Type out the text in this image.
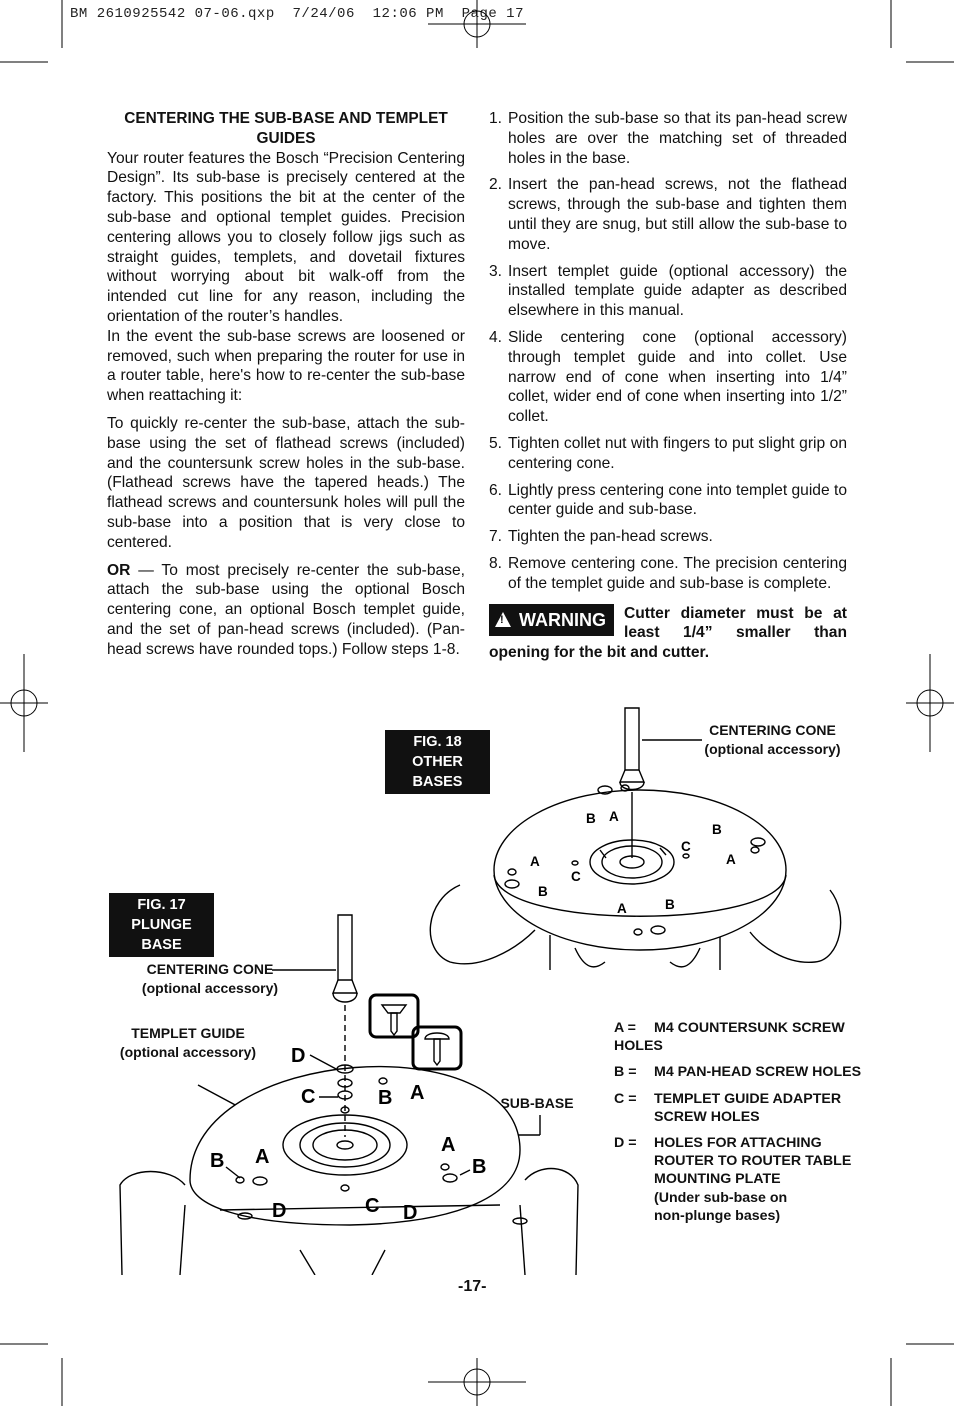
BM 2610925542 07-06.qxp  7/24/06  12:06 PM  Page 17
CENTERING THE SUB-BASE AND TEMPLET GUIDES

Your router features the Bosch “Precision Centering Design”. Its sub-base is precisely centered at the factory. This positions the bit at the center of the sub-base and optional templet guides. Precision centering allows you to closely follow jigs such as straight guides, templets, and dovetail fixtures without worrying about bit walk-off from the intended cut line for any reason, including the orientation of the router’s handles.

In the event the sub-base screws are loosened or removed, such when preparing the router for use in a router table, here's how to re-center the sub-base when reattaching it:

To quickly re-center the sub-base, attach the sub-base using the set of flathead screws (included) and the countersunk screw holes in the sub-base. (Flathead screws have the tapered heads.) The flathead screws and countersunk holes will pull the sub-base into a position that is very close to centered.

OR — To most precisely re-center the sub-base, attach the sub-base using the optional Bosch centering cone, an optional Bosch templet guide, and the set of pan-head screws (included). (Pan-head screws have rounded tops.) Follow steps 1-8.

1. Position the sub-base so that its pan-head screw holes are over the matching set of threaded holes in the base.
2. Insert the pan-head screws, not the flathead screws, through the sub-base and tighten them until they are snug, but still allow the sub-base to move.
3. Insert templet guide (optional accessory) the installed template guide adapter as described elsewhere in this manual.
4. Slide centering cone (optional accessory) through templet guide and into collet. Use narrow end of cone when inserting into 1/4” collet, wider end of cone when inserting into 1/2” collet.
5. Tighten collet nut with fingers to put slight grip on centering cone.
6. Lightly press centering cone into templet guide to center guide and sub-base.
7. Tighten the pan-head screws.
8. Remove centering cone. The precision centering of the templet guide and sub-base is complete.
! WARNING Cutter diameter must be at least 1/4” smaller than opening for the bit and cutter.
FIG. 18
OTHER BASES
CENTERING CONE
(optional accessory)
B A
B
C
A
A
C
B
A	B
FIG. 17
PLUNGE BASE
CENTERING CONE
(optional accessory)
TEMPLET GUIDE
(optional accessory)
SUB-BASE
D
C	B A
A
A
B	B
C
D	D
A = M4 COUNTERSUNK SCREW
HOLES
B = M4 PAN-HEAD SCREW HOLES
C = TEMPLET GUIDE ADAPTER
SCREW HOLES
D = HOLES FOR ATTACHING
ROUTER TO ROUTER TABLE
MOUNTING PLATE
(Under sub-base on
non-plunge bases)
-17-
